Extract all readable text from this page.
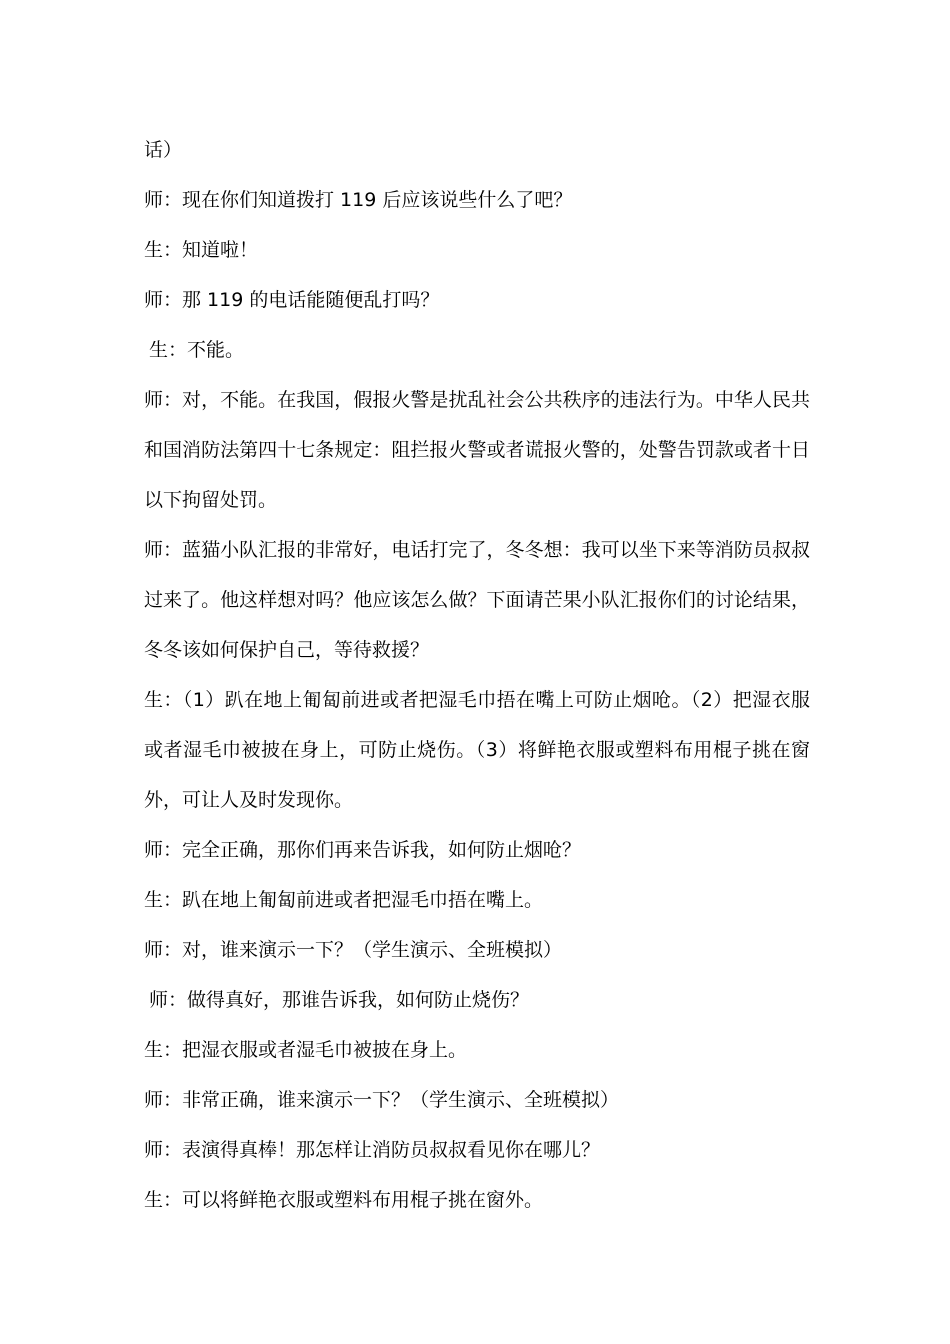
话）

师：现在你们知道拨打 119 后应该说些什么了吧？

生：知道啦！

师：那 119 的电话能随便乱打吗？

生：不能。

师：对，不能。在我国，假报火警是扰乱社会公共秩序的违法行为。中华人民共和国消防法第四十七条规定：阻拦报火警或者谎报火警的，处警告罚款或者十日以下拘留处罚。

师：蓝猫小队汇报的非常好，电话打完了，冬冬想：我可以坐下来等消防员叔叔过来了。他这样想对吗？他应该怎么做？下面请芒果小队汇报你们的讨论结果，冬冬该如何保护自己，等待救援？

生：（1）趴在地上匍匐前进或者把湿毛巾捂在嘴上可防止烟呛。（2）把湿衣服或者湿毛巾被披在身上，可防止烧伤。（3）将鲜艳衣服或塑料布用棍子挑在窗外，可让人及时发现你。

师：完全正确，那你们再来告诉我，如何防止烟呛？

生：趴在地上匍匐前进或者把湿毛巾捂在嘴上。

师：对，谁来演示一下？（学生演示、全班模拟）

师：做得真好，那谁告诉我，如何防止烧伤？

生：把湿衣服或者湿毛巾被披在身上。

师：非常正确，谁来演示一下？（学生演示、全班模拟）

师：表演得真棒！那怎样让消防员叔叔看见你在哪儿？

生：可以将鲜艳衣服或塑料布用棍子挑在窗外。
